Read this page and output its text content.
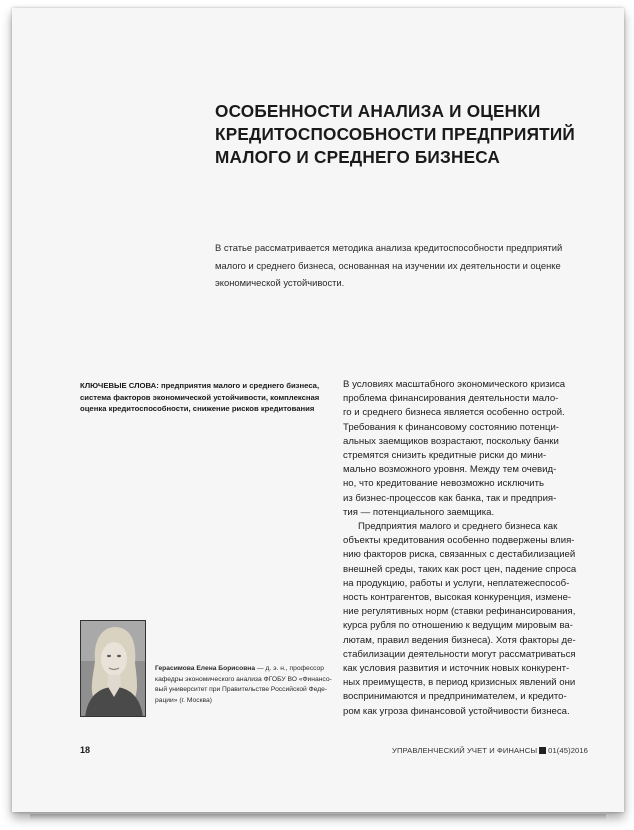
ОСОБЕННОСТИ АНАЛИЗА И ОЦЕНКИ
КРЕДИТОСПОСОБНОСТИ ПРЕДПРИЯТИЙ
МАЛОГО И СРЕДНЕГО БИЗНЕСА
В статье рассматривается методика анализа кредитоспособности предприятий
малого и среднего бизнеса, основанная на изучении их деятельности и оценке
экономической устойчивости.
КЛЮЧЕВЫЕ СЛОВА: предприятия малого и среднего бизнеса,
система факторов экономической устойчивости, комплексная
оценка кредитоспособности, снижение рисков кредитования
В условиях масштабного экономического кризиса
проблема финансирования деятельности мало-
го и среднего бизнеса является особенно острой.
Требования к финансовому состоянию потенци-
альных заемщиков возрастают, поскольку банки
стремятся снизить кредитные риски до мини-
мально возможного уровня. Между тем очевид-
но, что кредитование невозможно исключить
из бизнес-процессов как банка, так и предприя-
тия — потенциального заемщика.
Предприятия малого и среднего бизнеса как
объекты кредитования особенно подвержены влия-
нию факторов риска, связанных с дестабилизацией
внешней среды, таких как рост цен, падение спроса
на продукцию, работы и услуги, неплатежеспособ-
ность контрагентов, высокая конкуренция, измене-
ние регулятивных норм (ставки рефинансирования,
курса рубля по отношению к ведущим мировым ва-
лютам, правил ведения бизнеса). Хотя факторы де-
стабилизации деятельности могут рассматриваться
как условия развития и источник новых конкурент-
ных преимуществ, в период кризисных явлений они
воспринимаются и предпринимателем, и кредито-
ром как угроза финансовой устойчивости бизнеса.
Герасимова Елена Борисовна — д. э. н., профессор
кафедры экономического анализа ФГОБУ ВО «Финансо-
вый университет при Правительстве Российской Феде-
рации» (г. Москва)
18	УПРАВЛЕНЧЕСКИЙ УЧЕТ И ФИНАНСЫ 01(45)2016
